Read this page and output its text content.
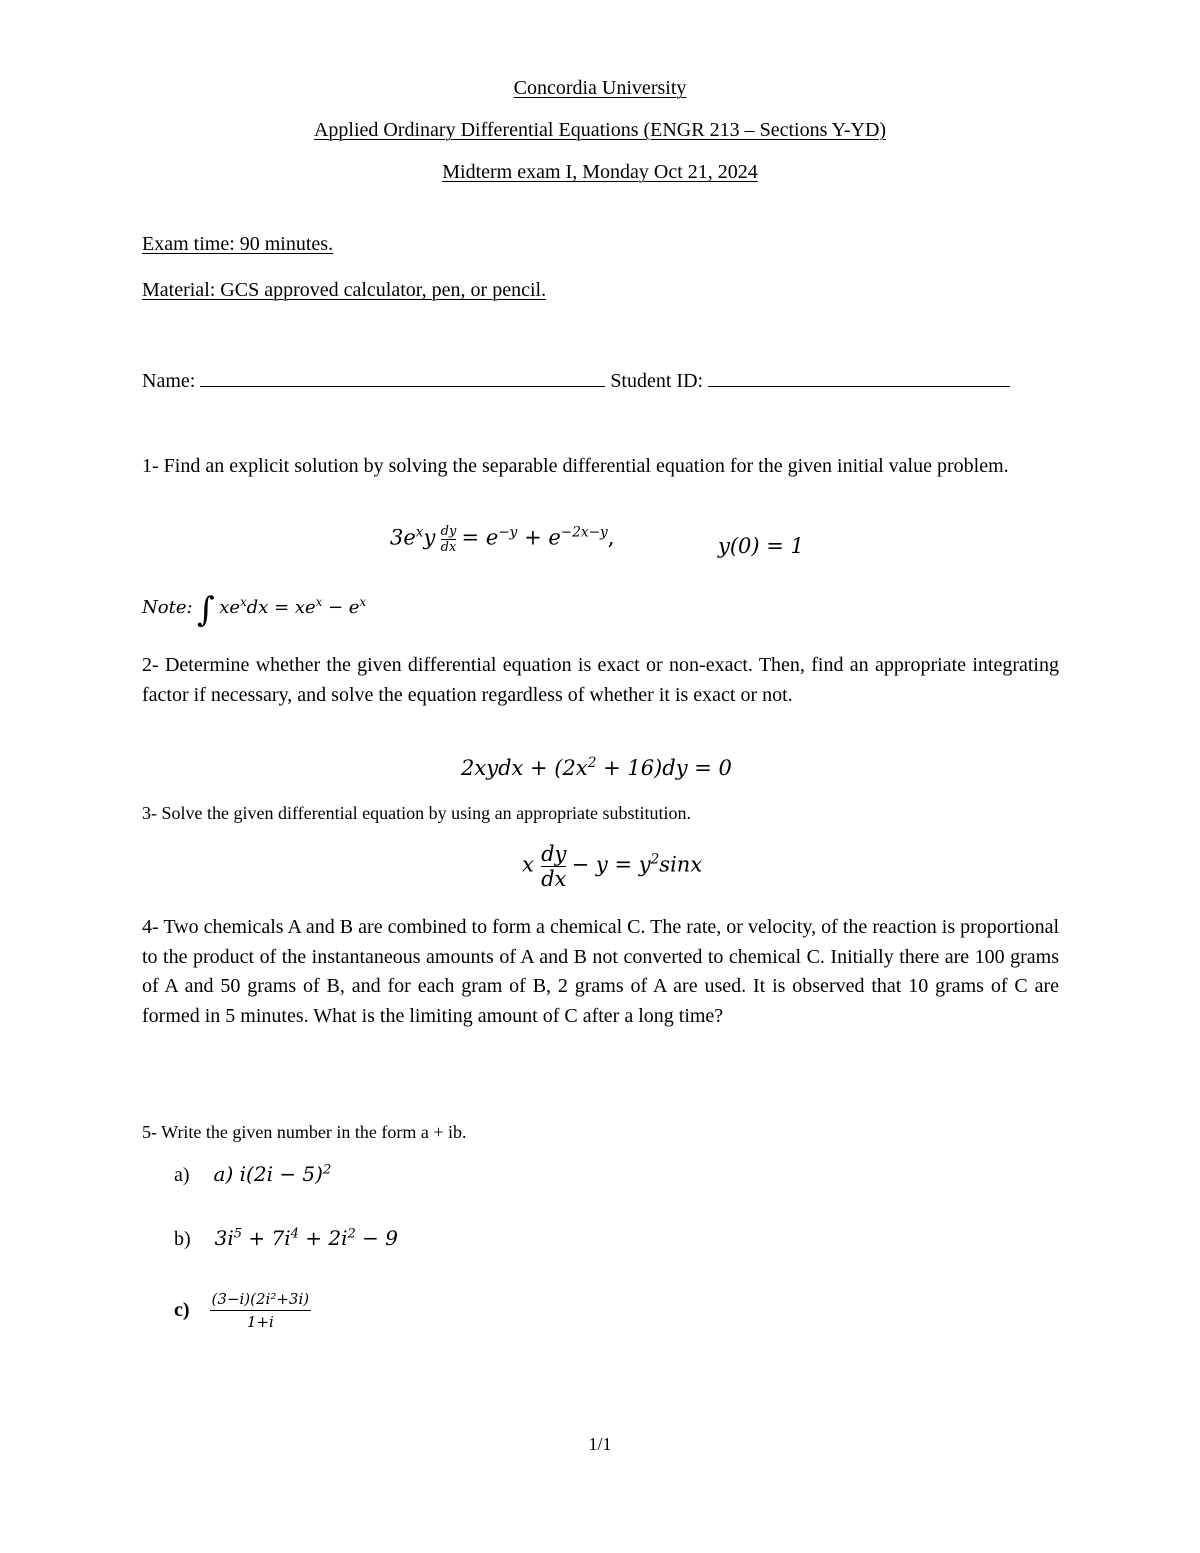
Concordia University
Applied Ordinary Differential Equations (ENGR 213 – Sections Y-YD)
Midterm exam I, Monday Oct 21, 2024
Exam time: 90 minutes.
Material: GCS approved calculator, pen, or pencil.
Name:	Student ID:
1- Find an explicit solution by solving the separable differential equation for the given initial value problem.
$3e^xy \frac{dy}{dx} = e^{-y} + e^{-2x-y}$,	y(0) = 1
Note: ∫ $xe^xdx = xe^x - e^x$
2- Determine whether the given differential equation is exact or non-exact. Then, find an appropriate integrating factor if necessary, and solve the equation regardless of whether it is exact or not.
2xydx + $(2x^2 + 16)dy = 0$
3- Solve the given differential equation by using an appropriate substitution.
x $\frac{dy}{dx} - y = y^2\sin x$
4- Two chemicals A and B are combined to form a chemical C. The rate, or velocity, of the reaction is proportional to the product of the instantaneous amounts of A and B not converted to chemical C. Initially there are 100 grams of A and 50 grams of B, and for each gram of B, 2 grams of A are used. It is observed that 10 grams of C are formed in 5 minutes. What is the limiting amount of C after a long time?
5- Write the given number in the form a + ib.
a) a) $i(2i - 5)^2$
b) $3i^5 + 7i^4 + 2i^2 - 9$
$c) \frac{\text{(3−i)(2i²+3i)}}{1+i}$
1/1
